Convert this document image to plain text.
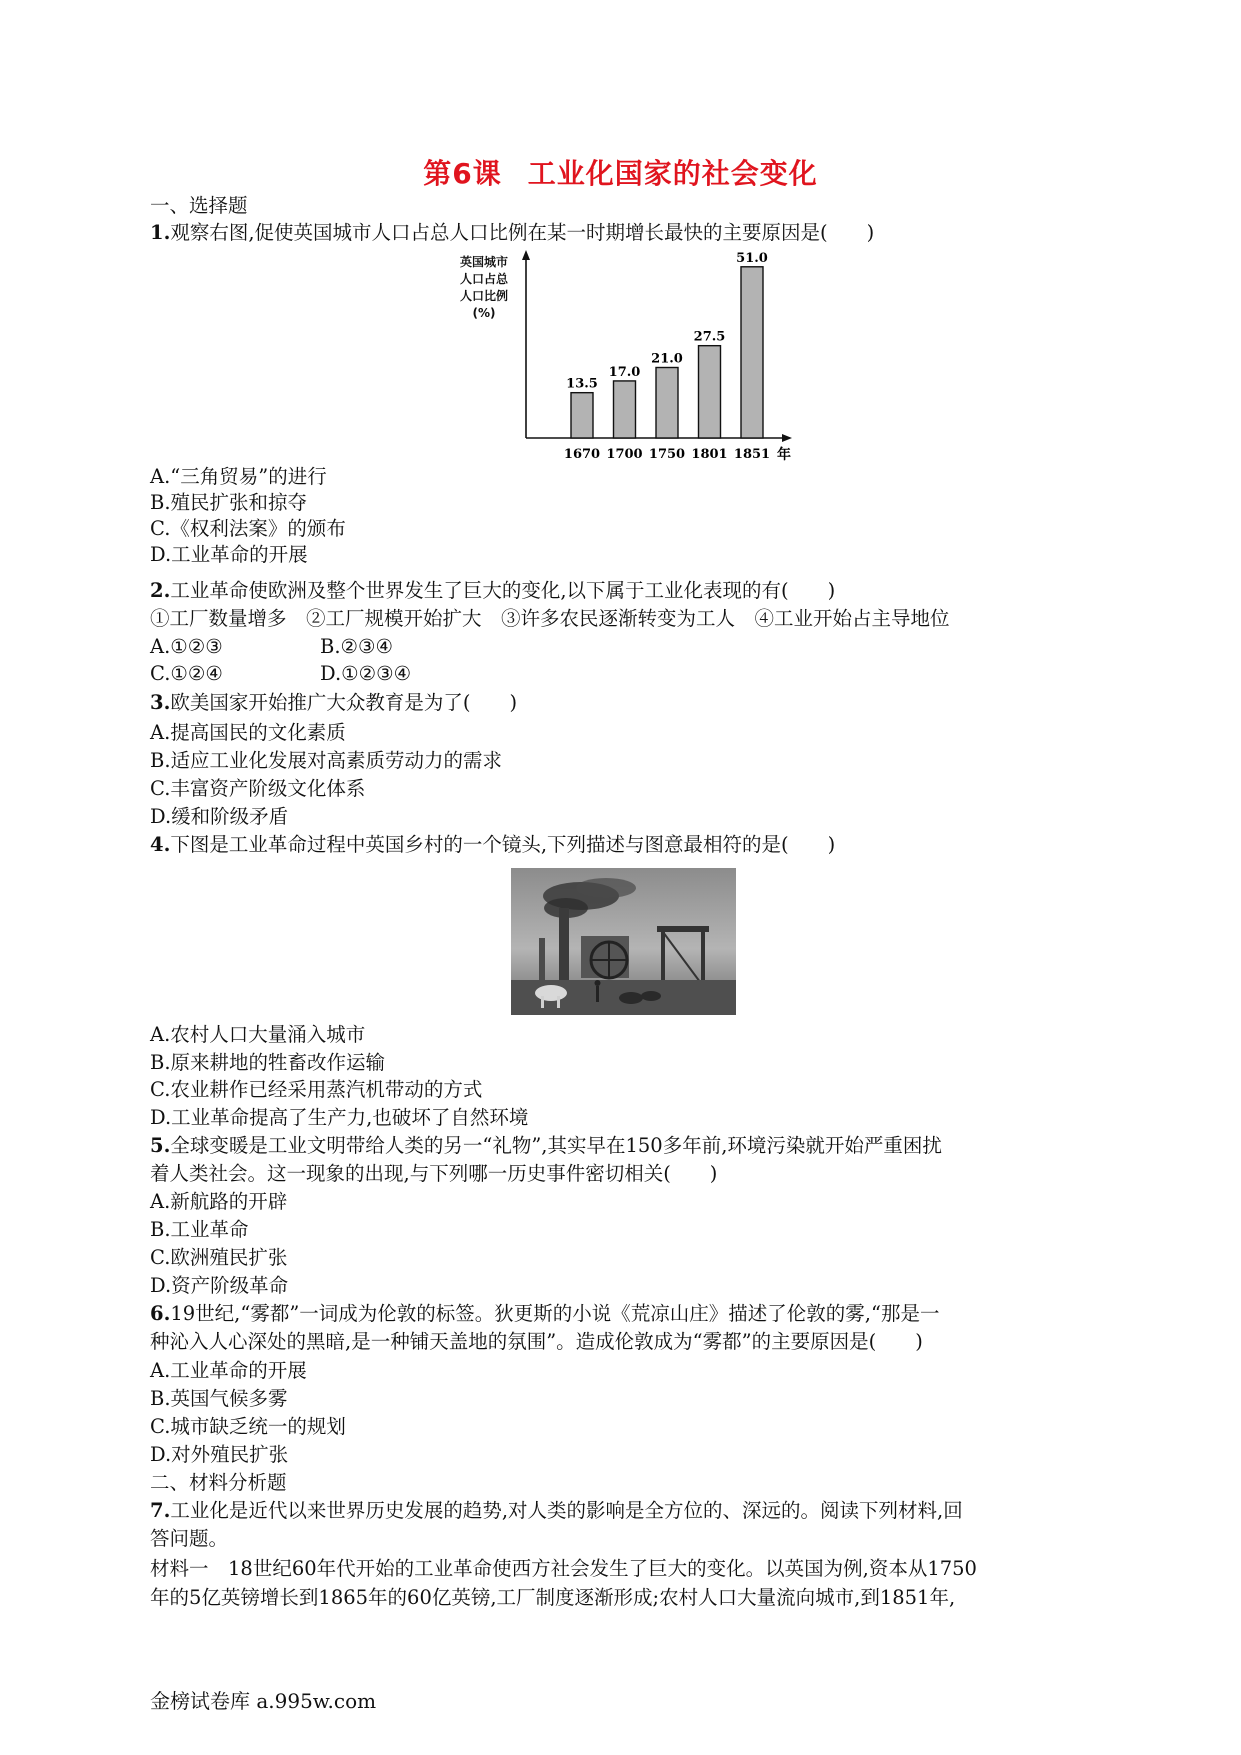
第6课 工业化国家的社会变化
一、选择题
1.观察右图,促使英国城市人口占总人口比例在某一时期增长最快的主要原因是(　　)
英国城市
人口占总
人口比例
(%)
年
13.5
1670
17.0
1700
21.0
1750
27.5
1801
51.0
1851
A.“三角贸易”的进行
B.殖民扩张和掠夺
C.《权利法案》的颁布
D.工业革命的开展
2.工业革命使欧洲及整个世界发生了巨大的变化,以下属于工业化表现的有(　　)
①工厂数量增多　②工厂规模开始扩大　③许多农民逐渐转变为工人　④工业开始占主导地位
A.①②③	B.②③④
C.①②④	D.①②③④
3.欧美国家开始推广大众教育是为了(　　)
A.提高国民的文化素质
B.适应工业化发展对高素质劳动力的需求
C.丰富资产阶级文化体系
D.缓和阶级矛盾
4.下图是工业革命过程中英国乡村的一个镜头,下列描述与图意最相符的是(　　)
A.农村人口大量涌入城市
B.原来耕地的牲畜改作运输
C.农业耕作已经采用蒸汽机带动的方式
D.工业革命提高了生产力,也破坏了自然环境
5.全球变暖是工业文明带给人类的另一“礼物”,其实早在150多年前,环境污染就开始严重困扰
着人类社会。这一现象的出现,与下列哪一历史事件密切相关(　　)
A.新航路的开辟
B.工业革命
C.欧洲殖民扩张
D.资产阶级革命
6.19世纪,“雾都”一词成为伦敦的标签。狄更斯的小说《荒凉山庄》描述了伦敦的雾,“那是一
种沁入人心深处的黑暗,是一种铺天盖地的氛围”。造成伦敦成为“雾都”的主要原因是(　　)
A.工业革命的开展
B.英国气候多雾
C.城市缺乏统一的规划
D.对外殖民扩张
二、材料分析题
7.工业化是近代以来世界历史发展的趋势,对人类的影响是全方位的、深远的。阅读下列材料,回
答问题。
材料一　18世纪60年代开始的工业革命使西方社会发生了巨大的变化。以英国为例,资本从1750
年的5亿英镑增长到1865年的60亿英镑,工厂制度逐渐形成;农村人口大量流向城市,到1851年,
金榜试卷库 a.995w.com
